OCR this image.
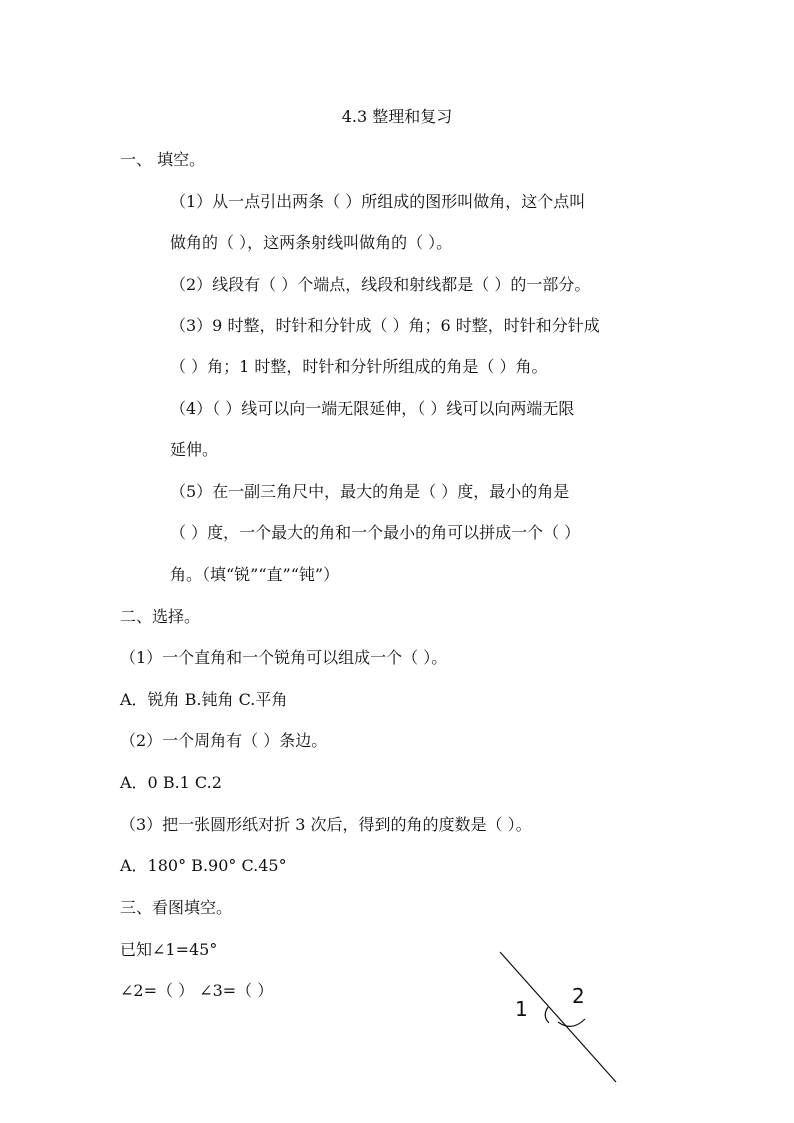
4.3 整理和复习
一、 填空。
（1）从一点引出两条（ ）所组成的图形叫做角，这个点叫
做角的（ ），这两条射线叫做角的（ ）。
（2）线段有（ ）个端点，线段和射线都是（ ）的一部分。
（3）9 时整，时针和分针成（ ）角；6 时整，时针和分针成
（ ）角；1 时整，时针和分针所组成的角是（ ）角。
（4）（ ）线可以向一端无限延伸，（ ）线可以向两端无限
延伸。
（5）在一副三角尺中，最大的角是（ ）度，最小的角是
（ ）度，一个最大的角和一个最小的角可以拼成一个（ ）
角。（填“锐”“直”“钝”）
二、选择。
（1）一个直角和一个锐角可以组成一个（ ）。
A．锐角 B.钝角 C.平角
（2）一个周角有（ ）条边。
A．0 B.1 C.2
（3）把一张圆形纸对折 3 次后，得到的角的度数是（ ）。
A．180° B.90° C.45°
三、看图填空。
已知∠1=45°
∠2=（ ） ∠3=（ ）
1
2
